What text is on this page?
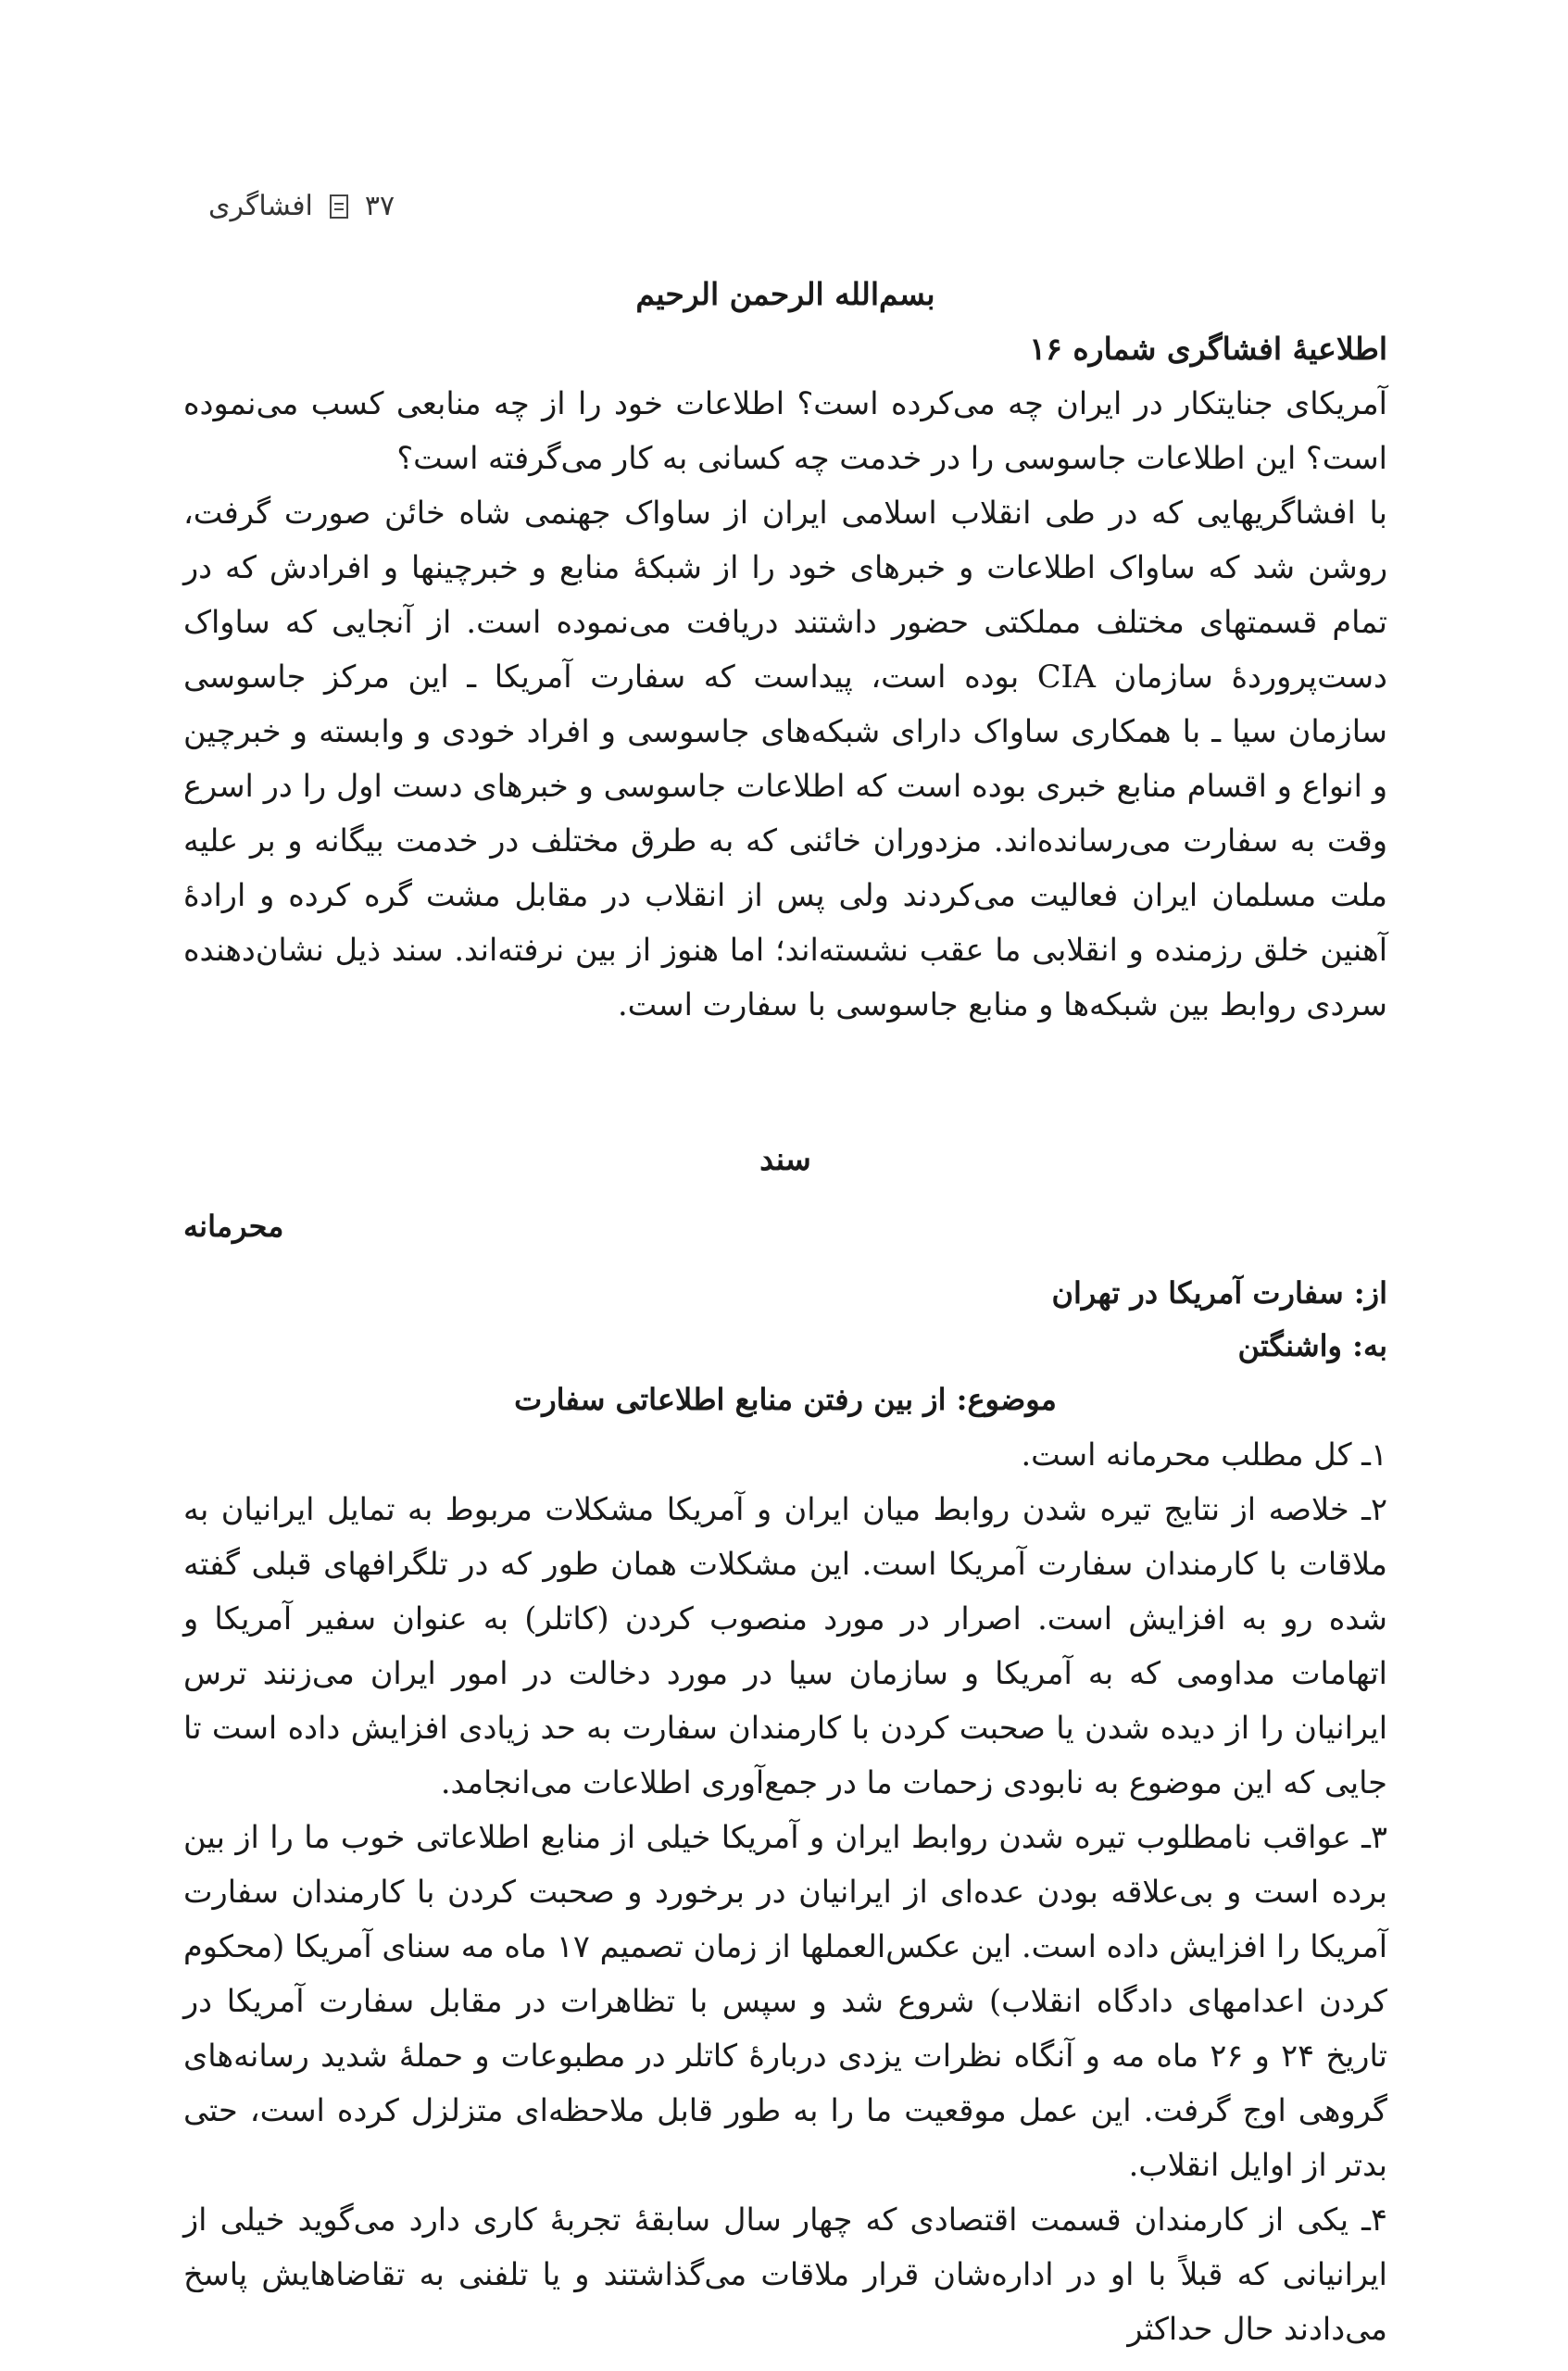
۳۷
افشاگری

بسم‌الله الرحمن الرحیم

اطلاعیهٔ افشاگری شماره ۱۶

آمریکای جنایتکار در ایران چه می‌کرده است؟ اطلاعات خود را از چه منابعی کسب می‌نموده است؟ این اطلاعات جاسوسی را در خدمت چه کسانی به کار می‌گرفته است؟

با افشاگریهایی که در طی انقلاب اسلامی ایران از ساواک جهنمی شاه خائن صورت گرفت، روشن شد که ساواک اطلاعات و خبرهای خود را از شبکهٔ منابع و خبرچینها و افرادش که در تمام قسمتهای مختلف مملکتی حضور داشتند دریافت می‌نموده است. از آنجایی که ساواک دست‌پروردهٔ سازمان CIA بوده است، پیداست که سفارت آمریکا ـ این مرکز جاسوسی سازمان سیا ـ با همکاری ساواک دارای شبکه‌های جاسوسی و افراد خودی و وابسته و خبرچین و انواع و اقسام منابع خبری بوده است که اطلاعات جاسوسی و خبرهای دست اول را در اسرع وقت به سفارت می‌رسانده‌اند. مزدوران خائنی که به طرق مختلف در خدمت بیگانه و بر علیه ملت مسلمان ایران فعالیت می‌کردند ولی پس از انقلاب در مقابل مشت گره کرده و ارادهٔ آهنین خلق رزمنده و انقلابی ما عقب نشسته‌اند؛ اما هنوز از بین نرفته‌اند. سند ذیل نشان‌دهنده سردی روابط بین شبکه‌ها و منابع جاسوسی با سفارت است.

سند

محرمانه

از: سفارت آمریکا در تهران

به: واشنگتن

موضوع: از بین رفتن منابع اطلاعاتی سفارت

۱ـ کل مطلب محرمانه است.

۲ـ خلاصه از نتایج تیره شدن روابط میان ایران و آمریکا مشکلات مربوط به تمایل ایرانیان به ملاقات با کارمندان سفارت آمریکا است. این مشکلات همان طور که در تلگرافهای قبلی گفته شده رو به افزایش است. اصرار در مورد منصوب کردن (کاتلر) به عنوان سفیر آمریکا و اتهامات مداومی که به آمریکا و سازمان سیا در مورد دخالت در امور ایران می‌زنند ترس ایرانیان را از دیده شدن یا صحبت کردن با کارمندان سفارت به حد زیادی افزایش داده است تا جایی که این موضوع به نابودی زحمات ما در جمع‌آوری اطلاعات می‌انجامد.

۳ـ عواقب نامطلوب تیره شدن روابط ایران و آمریکا خیلی از منابع اطلاعاتی خوب ما را از بین برده است و بی‌علاقه بودن عده‌ای از ایرانیان در برخورد و صحبت کردن با کارمندان سفارت آمریکا را افزایش داده است. این عکس‌العملها از زمان تصمیم ۱۷ ماه مه سنای آمریکا (محکوم کردن اعدامهای دادگاه انقلاب) شروع شد و سپس با تظاهرات در مقابل سفارت آمریکا در تاریخ ۲۴ و ۲۶ ماه مه و آنگاه نظرات یزدی دربارهٔ کاتلر در مطبوعات و حملهٔ شدید رسانه‌های گروهی اوج گرفت. این عمل موقعیت ما را به طور قابل ملاحظه‌ای متزلزل کرده است، حتی بدتر از اوایل انقلاب.

۴ـ یکی از کارمندان قسمت اقتصادی که چهار سال سابقهٔ تجربهٔ کاری دارد می‌گوید خیلی از ایرانیانی که قبلاً با او در اداره‌شان قرار ملاقات می‌گذاشتند و یا تلفنی به تقاضاهایش پاسخ می‌دادند حال حداکثر
